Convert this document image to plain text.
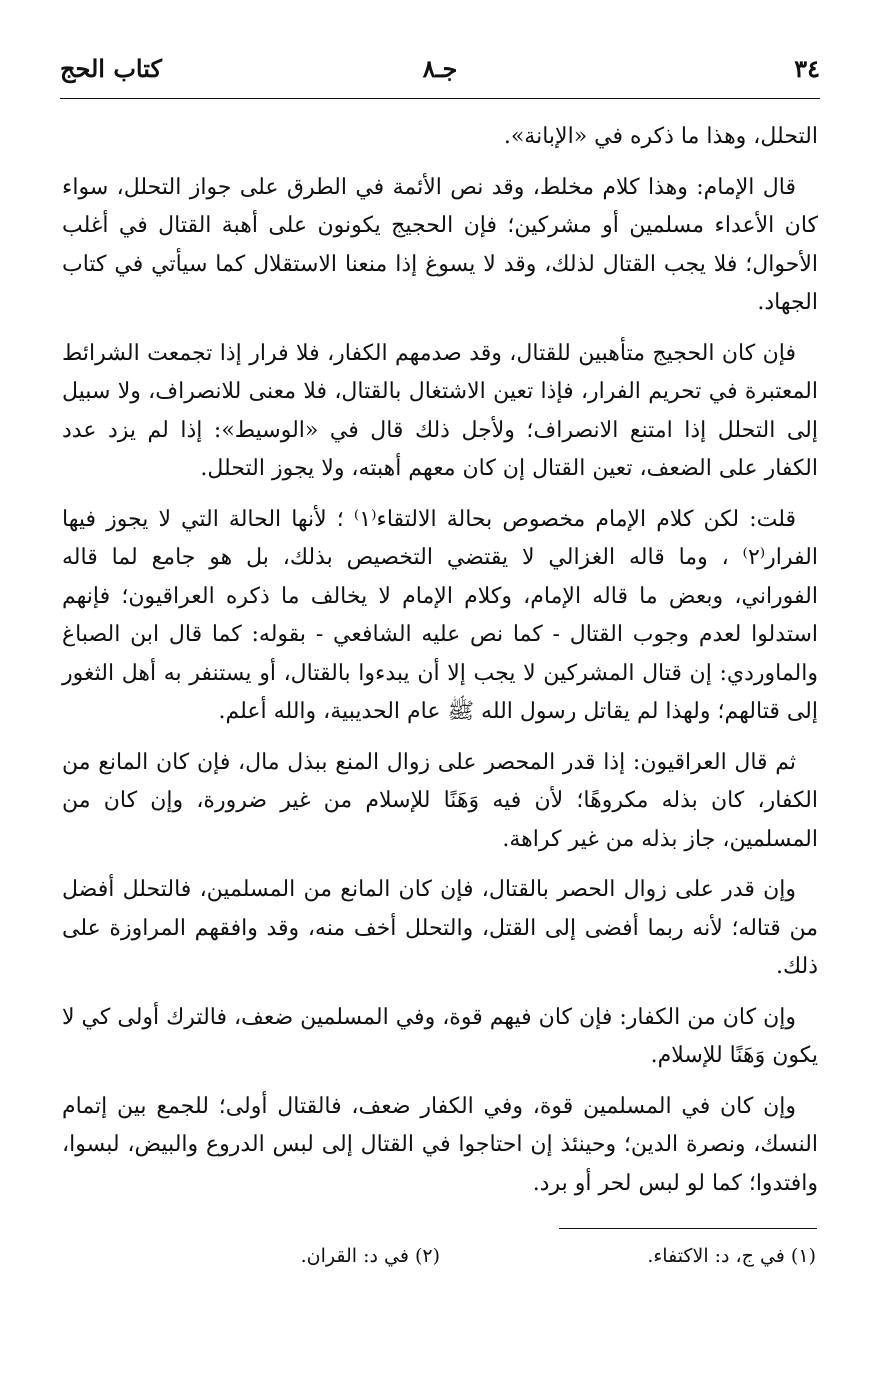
٣٤
جـ٨
كتاب الحج

التحلل، وهذا ما ذكره في «الإبانة».

قال الإمام: وهذا كلام مخلط، وقد نص الأئمة في الطرق على جواز التحلل، سواء كان الأعداء مسلمين أو مشركين؛ فإن الحجيج يكونون على أهبة القتال في أغلب الأحوال؛ فلا يجب القتال لذلك، وقد لا يسوغ إذا منعنا الاستقلال كما سيأتي في كتاب الجهاد.

فإن كان الحجيج متأهبين للقتال، وقد صدمهم الكفار، فلا فرار إذا تجمعت الشرائط المعتبرة في تحريم الفرار، فإذا تعين الاشتغال بالقتال، فلا معنى للانصراف، ولا سبيل إلى التحلل إذا امتنع الانصراف؛ ولأجل ذلك قال في «الوسيط»: إذا لم يزد عدد الكفار على الضعف، تعين القتال إن كان معهم أهبته، ولا يجوز التحلل.

قلت: لكن كلام الإمام مخصوص بحالة الالتقاء⁽١⁾ ؛ لأنها الحالة التي لا يجوز فيها الفرار⁽٢⁾ ، وما قاله الغزالي لا يقتضي التخصيص بذلك، بل هو جامع لما قاله الفوراني، وبعض ما قاله الإمام، وكلام الإمام لا يخالف ما ذكره العراقيون؛ فإنهم استدلوا لعدم وجوب القتال - كما نص عليه الشافعي - بقوله: كما قال ابن الصباغ والماوردي: إن قتال المشركين لا يجب إلا أن يبدءوا بالقتال، أو يستنفر به أهل الثغور إلى قتالهم؛ ولهذا لم يقاتل رسول الله ﷺ عام الحديبية، والله أعلم.

ثم قال العراقيون: إذا قدر المحصر على زوال المنع ببذل مال، فإن كان المانع من الكفار، كان بذله مكروهًا؛ لأن فيه وَهَنًا للإسلام من غير ضرورة، وإن كان من المسلمين، جاز بذله من غير كراهة.

وإن قدر على زوال الحصر بالقتال، فإن كان المانع من المسلمين، فالتحلل أفضل من قتاله؛ لأنه ربما أفضى إلى القتل، والتحلل أخف منه، وقد وافقهم المراوزة على ذلك.

وإن كان من الكفار: فإن كان فيهم قوة، وفي المسلمين ضعف، فالترك أولى كي لا يكون وَهَنًا للإسلام.

وإن كان في المسلمين قوة، وفي الكفار ضعف، فالقتال أولى؛ للجمع بين إتمام النسك، ونصرة الدين؛ وحينئذ إن احتاجوا في القتال إلى لبس الدروع والبيض، لبسوا، وافتدوا؛ كما لو لبس لحر أو برد.

(١) في ج، د: الاكتفاء.
(٢) في د: القران.
